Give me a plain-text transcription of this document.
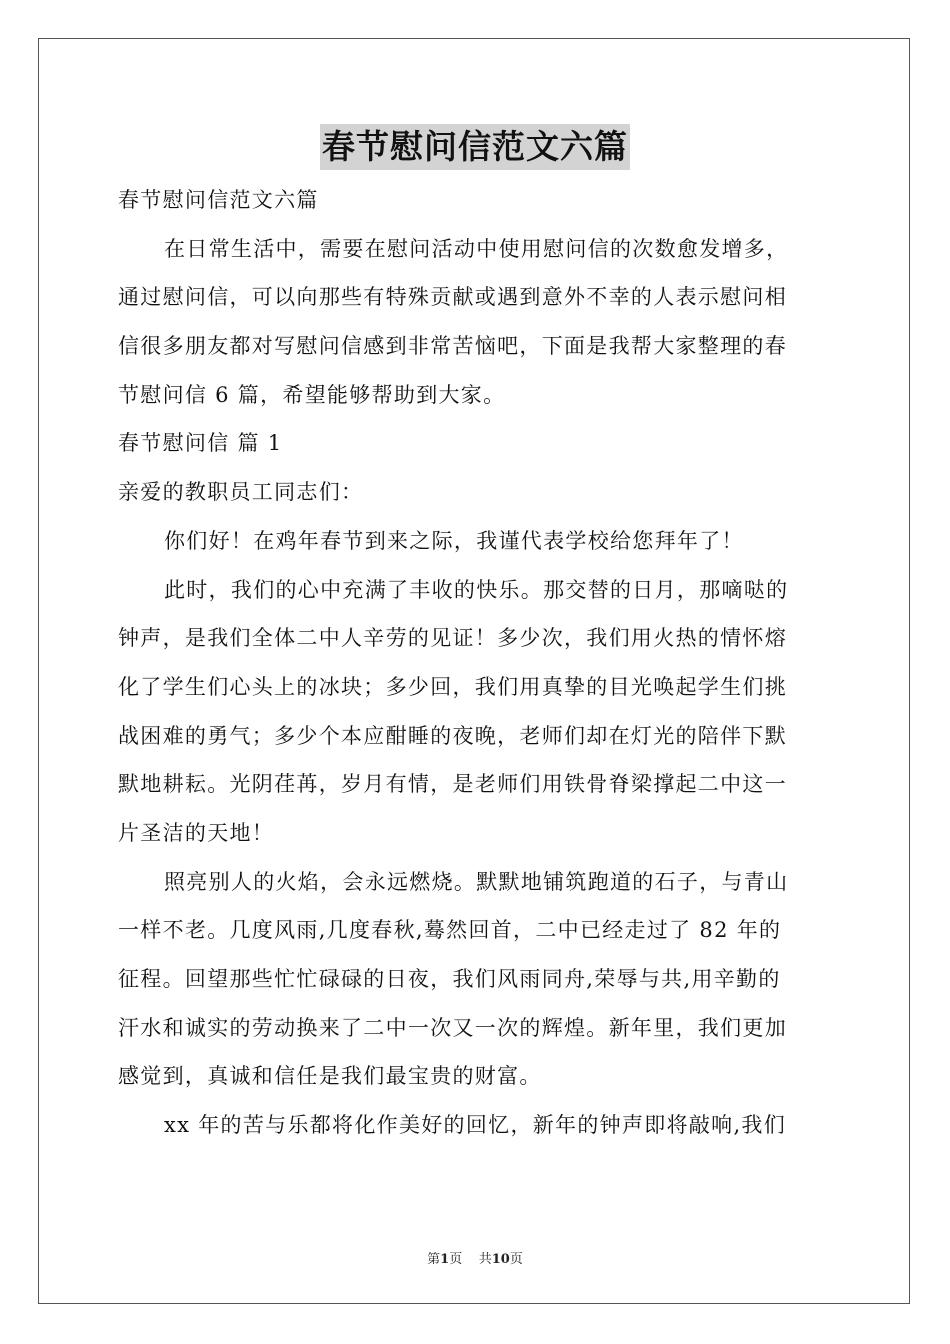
春节慰问信范文六篇
春节慰问信范文六篇
在日常生活中，需要在慰问活动中使用慰问信的次数愈发增多，
通过慰问信，可以向那些有特殊贡献或遇到意外不幸的人表示慰问相
信很多朋友都对写慰问信感到非常苦恼吧，下面是我帮大家整理的春
节慰问信 6 篇，希望能够帮助到大家。
春节慰问信 篇 1
亲爱的教职员工同志们：
你们好！在鸡年春节到来之际，我谨代表学校给您拜年了！
此时，我们的心中充满了丰收的快乐。那交替的日月，那嘀哒的
钟声，是我们全体二中人辛劳的见证！多少次，我们用火热的情怀熔
化了学生们心头上的冰块；多少回，我们用真挚的目光唤起学生们挑
战困难的勇气；多少个本应酣睡的夜晚，老师们却在灯光的陪伴下默
默地耕耘。光阴荏苒，岁月有情，是老师们用铁骨脊梁撑起二中这一
片圣洁的天地！
照亮别人的火焰，会永远燃烧。默默地铺筑跑道的石子，与青山
一样不老。几度风雨,几度春秋,蓦然回首，二中已经走过了 82 年的
征程。回望那些忙忙碌碌的日夜，我们风雨同舟,荣辱与共,用辛勤的
汗水和诚实的劳动换来了二中一次又一次的辉煌。新年里，我们更加
感觉到，真诚和信任是我们最宝贵的财富。
xx 年的苦与乐都将化作美好的回忆，新年的钟声即将敲响,我们
第1页 共10页
